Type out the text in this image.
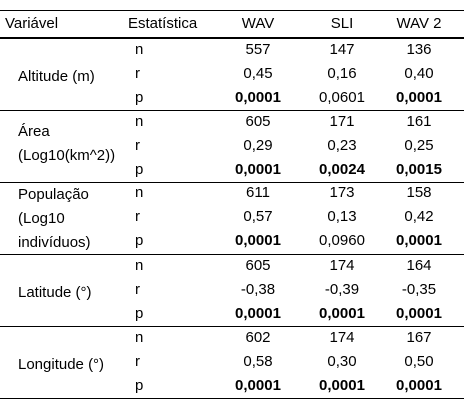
Variável	Estatística	WAV	SLI	WAV 2
Altitude (m)
n	557	147	136
r	0,45	0,16	0,40
p	0,0001	0,0601	0,0001
Área
(Log10(km^2))
n	605	171	161
r	0,29	0,23	0,25
p	0,0001	0,0024	0,0015
População
(Log10
indivíduos)
n	611	173	158
r	0,57	0,13	0,42
p	0,0001	0,0960	0,0001
Latitude (°)
n	605	174	164
r	-0,38	-0,39	-0,35
p	0,0001	0,0001	0,0001
Longitude (°)
n	602	174	167
r	0,58	0,30	0,50
p	0,0001	0,0001	0,0001
